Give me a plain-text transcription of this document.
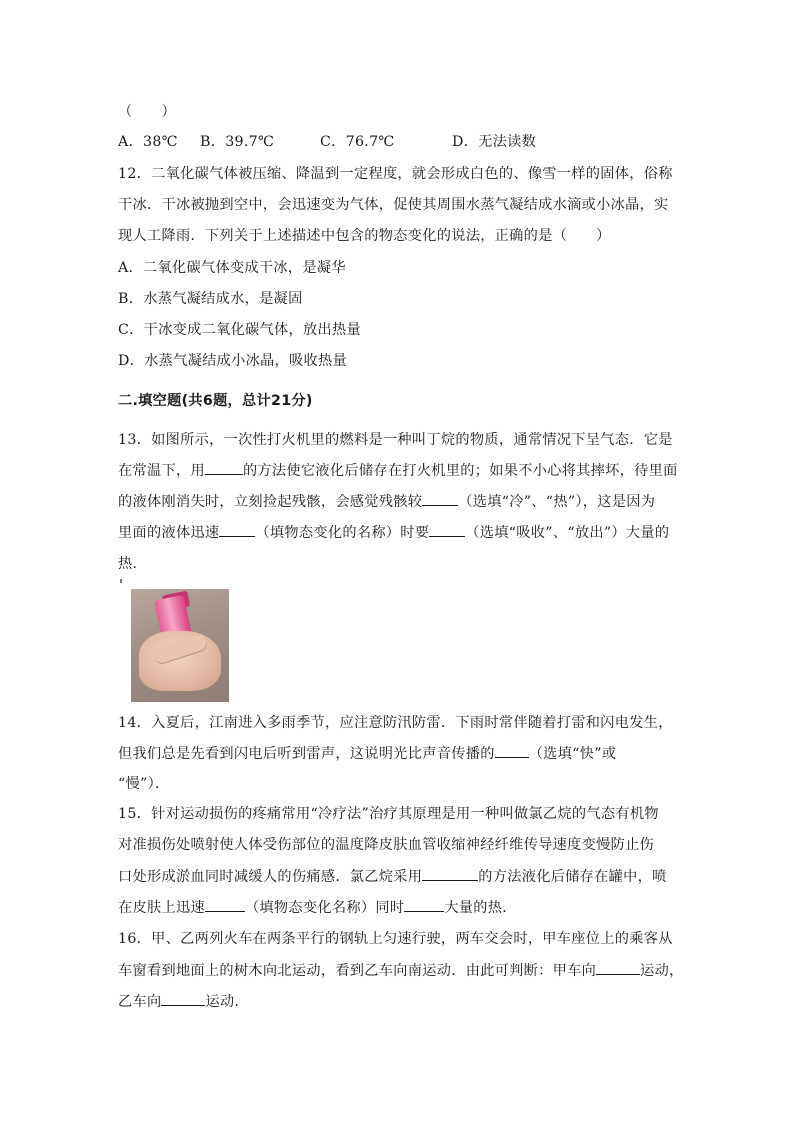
（　　）
A．38℃ B．39.7℃	C．76.7℃	D．无法读数
12．二氧化碳气体被压缩、降温到一定程度，就会形成白色的、像雪一样的固体，俗称
干冰．干冰被抛到空中，会迅速变为气体，促使其周围水蒸气凝结成水滴或小冰晶，实
现人工降雨．下列关于上述描述中包含的物态变化的说法，正确的是（　　）
A．二氧化碳气体变成干冰，是凝华
B．水蒸气凝结成水，是凝固
C．干冰变成二氧化碳气体，放出热量
D．水蒸气凝结成小冰晶，吸收热量
二.填空题(共6题，总计21分)
13．如图所示，一次性打火机里的燃料是一种叫丁烷的物质，通常情况下呈气态．它是
在常温下，用	的方法使它液化后储存在打火机里的；如果不小心将其摔坏，待里面
的液体刚消失时，立刻捡起残骸，会感觉残骸较	（选填“冷”、“热”），这是因为
里面的液体迅速	（填物态变化的名称）时要	（选填“吸收”、“放出”）大量的
热．
14．入夏后，江南进入多雨季节，应注意防汛防雷．下雨时常伴随着打雷和闪电发生，
但我们总是先看到闪电后听到雷声，这说明光比声音传播的 （选填“快”或
“慢”）．
15．针对运动损伤的疼痛常用“冷疗法”治疗其原理是用一种叫做氯乙烷的气态有机物
对准损伤处喷射使人体受伤部位的温度降皮肤血管收缩神经纤维传导速度变慢防止伤
口处形成淤血同时减缓人的伤痛感．氯乙烷采用	的方法液化后储存在罐中，喷
在皮肤上迅速	（填物态变化名称）同时	大量的热．
16．甲、乙两列火车在两条平行的钢轨上匀速行驶，两车交会时，甲车座位上的乘客从
车窗看到地面上的树木向北运动，看到乙车向南运动．由此可判断：甲车向	运动，
乙车向	运动．
